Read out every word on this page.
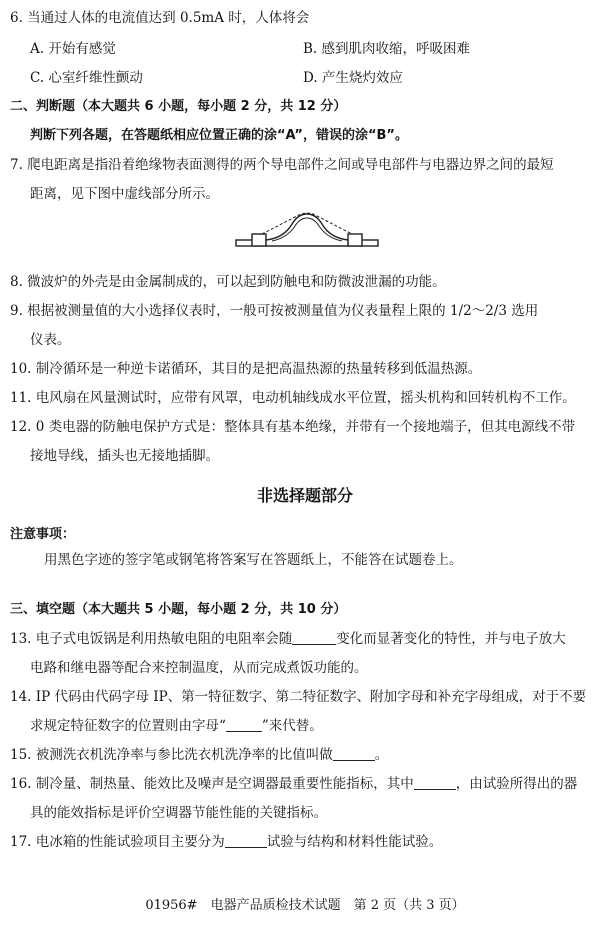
6. 当通过人体的电流值达到 0.5mA 时，人体将会
A. 开始有感觉	B. 感到肌肉收缩，呼吸困难
C. 心室纤维性颤动	D. 产生烧灼效应
二、判断题（本大题共 6 小题，每小题 2 分，共 12 分）
判断下列各题，在答题纸相应位置正确的涂“A”，错误的涂“B”。
7. 爬电距离是指沿着绝缘物表面测得的两个导电部件之间或导电部件与电器边界之间的最短
距离，见下图中虚线部分所示。
8. 微波炉的外壳是由金属制成的，可以起到防触电和防微波泄漏的功能。
9. 根据被测量值的大小选择仪表时，一般可按被测量值为仪表量程上限的 1/2～2/3 选用
仪表。
10. 制冷循环是一种逆卡诺循环，其目的是把高温热源的热量转移到低温热源。
11. 电风扇在风量测试时，应带有风罩，电动机轴线成水平位置，摇头机构和回转机构不工作。
12. 0 类电器的防触电保护方式是：整体具有基本绝缘，并带有一个接地端子，但其电源线不带
接地导线，插头也无接地插脚。
非选择题部分
注意事项：
用黑色字迹的签字笔或钢笔将答案写在答题纸上，不能答在试题卷上。
三、填空题（本大题共 5 小题，每小题 2 分，共 10 分）
13. 电子式电饭锅是利用热敏电阻的电阻率会随	变化而显著变化的特性，并与电子放大
电路和继电器等配合来控制温度，从而完成煮饭功能的。
14. IP 代码由代码字母 IP、第一特征数字、第二特征数字、附加字母和补充字母组成，对于不要
求规定特征数字的位置则由字母“	”来代替。
15. 被测洗衣机洗净率与参比洗衣机洗净率的比值叫做	。
16. 制冷量、制热量、能效比及噪声是空调器最重要性能指标，其中	，由试验所得出的器
具的能效指标是评价空调器节能性能的关键指标。
17. 电冰箱的性能试验项目主要分为	试验与结构和材料性能试验。
01956#　电器产品质检技术试题　第 2 页（共 3 页）
